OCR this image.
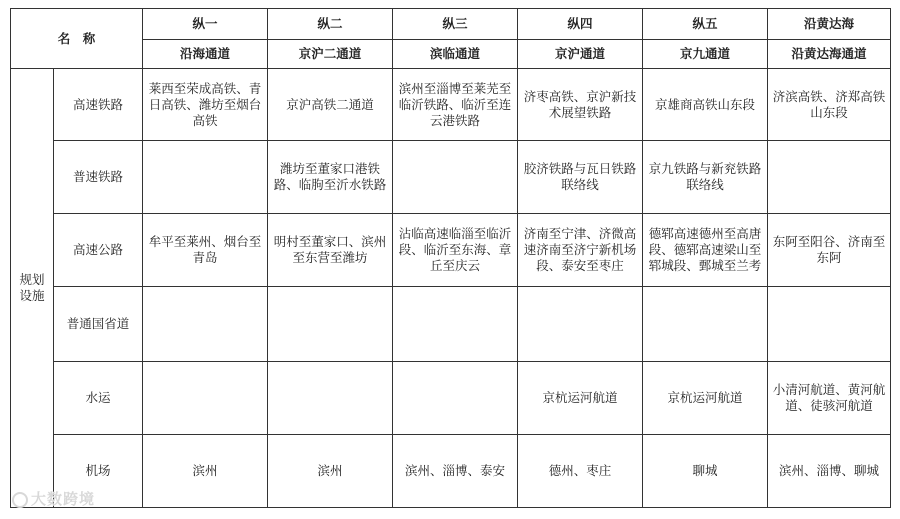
名　称		纵一	纵二	纵三	纵四	纵五	沿黄达海
		沿海通道	京沪二通道	滨临通道	京沪通道	京九通道	沿黄达海通道
规划设施	高速铁路	莱西至荣成高铁、青日高铁、潍坊至烟台高铁	京沪高铁二通道	滨州至淄博至莱芜至临沂铁路、临沂至连云港铁路	济枣高铁、京沪新技术展望铁路	京雄商高铁山东段	济滨高铁、济郑高铁山东段
	普速铁路		潍坊至董家口港铁路、临朐至沂水铁路		胶济铁路与瓦日铁路联络线	京九铁路与新兖铁路联络线	
	高速公路	牟平至莱州、烟台至青岛	明村至董家口、滨州至东营至潍坊	沾临高速临淄至临沂段、临沂至东海、章丘至庆云	济南至宁津、济微高速济南至济宁新机场段、泰安至枣庄	德郓高速德州至高唐段、德郓高速梁山至郓城段、鄄城至兰考	东阿至阳谷、济南至东阿
	普通国省道						
	水运				京杭运河航道	京杭运河航道	小清河航道、黄河航道、徒骇河航道
	机场	滨州	滨州	滨州、淄博、泰安	德州、枣庄	聊城	滨州、淄博、聊城
大数跨境
